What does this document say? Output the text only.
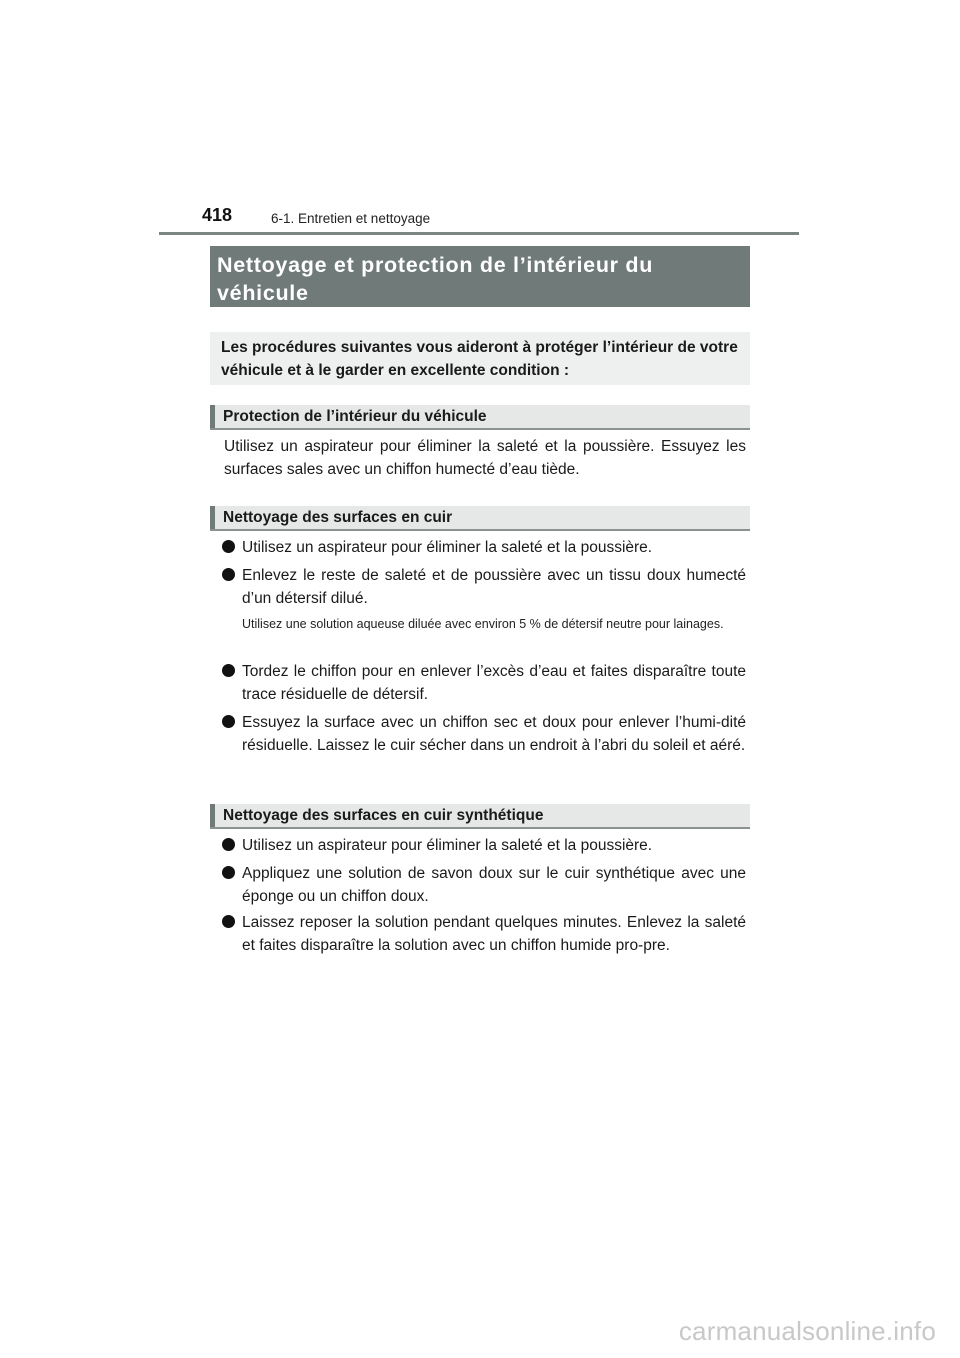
418	6-1. Entretien et nettoyage
Nettoyage et protection de l’intérieur du véhicule
Les procédures suivantes vous aideront à protéger l’intérieur de votre véhicule et à le garder en excellente condition :
Protection de l’intérieur du véhicule
Utilisez un aspirateur pour éliminer la saleté et la poussière. Essuyez les surfaces sales avec un chiffon humecté d’eau tiède.
Nettoyage des surfaces en cuir
Utilisez un aspirateur pour éliminer la saleté et la poussière.
Enlevez le reste de saleté et de poussière avec un tissu doux humecté d’un détersif dilué.
Utilisez une solution aqueuse diluée avec environ 5 % de détersif neutre pour lainages.
Tordez le chiffon pour en enlever l’excès d’eau et faites disparaître toute trace résiduelle de détersif.
Essuyez la surface avec un chiffon sec et doux pour enlever l’humi-dité résiduelle. Laissez le cuir sécher dans un endroit à l’abri du soleil et aéré.
Nettoyage des surfaces en cuir synthétique
Utilisez un aspirateur pour éliminer la saleté et la poussière.
Appliquez une solution de savon doux sur le cuir synthétique avec une éponge ou un chiffon doux.
Laissez reposer la solution pendant quelques minutes. Enlevez la saleté et faites disparaître la solution avec un chiffon humide pro-pre.
carmanualsonline.info
